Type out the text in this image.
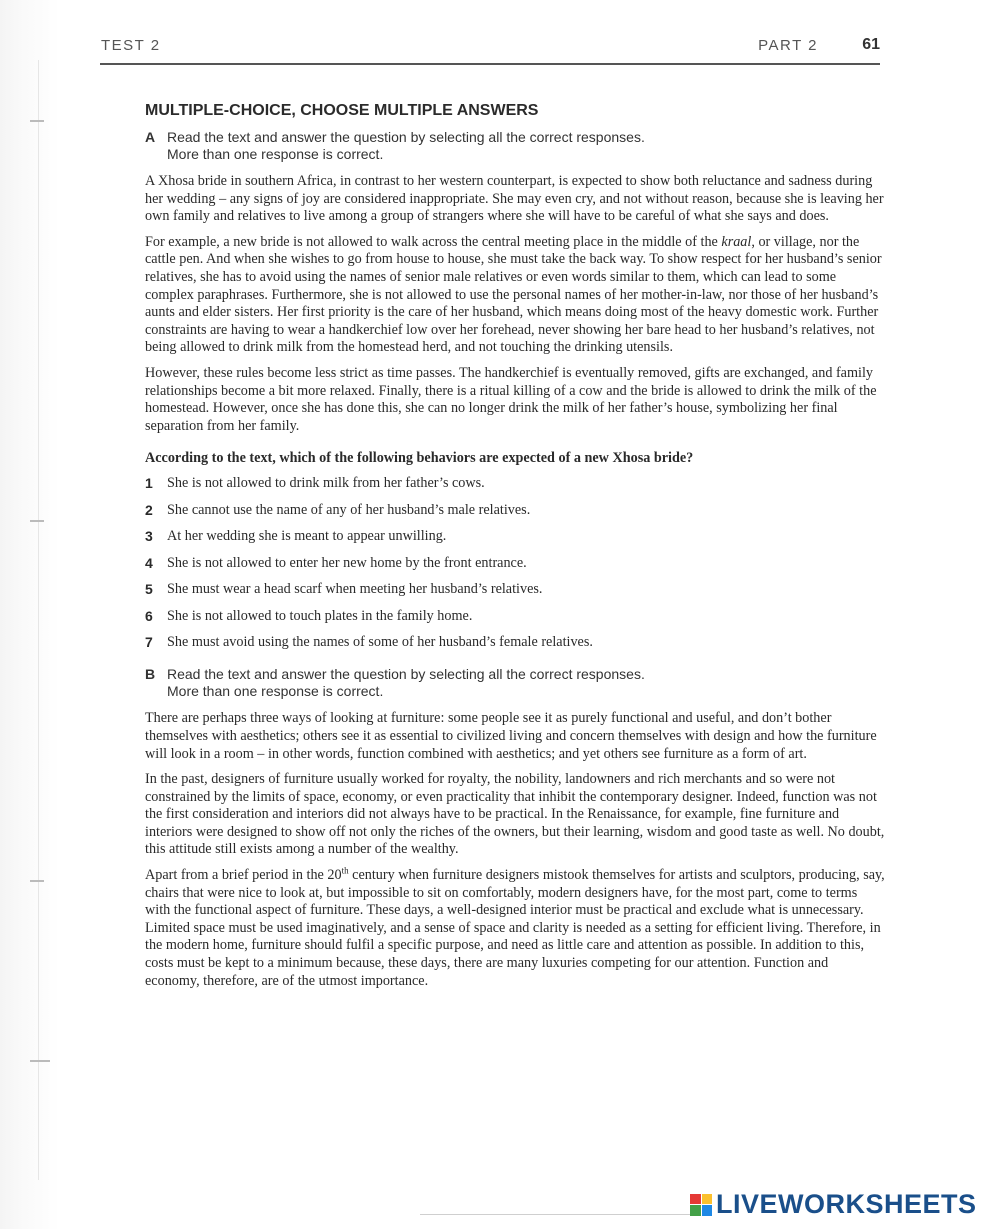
TEST 2	PART 2	61
MULTIPLE-CHOICE, CHOOSE MULTIPLE ANSWERS
A Read the text and answer the question by selecting all the correct responses.
More than one response is correct.

A Xhosa bride in southern Africa, in contrast to her western counterpart, is expected to show both reluctance and sadness during her wedding – any signs of joy are considered inappropriate. She may even cry, and not without reason, because she is leaving her own family and relatives to live among a group of strangers where she will have to be careful of what she says and does.

For example, a new bride is not allowed to walk across the central meeting place in the middle of the kraal, or village, nor the cattle pen. And when she wishes to go from house to house, she must take the back way. To show respect for her husband’s senior relatives, she has to avoid using the names of senior male relatives or even words similar to them, which can lead to some complex paraphrases. Furthermore, she is not allowed to use the personal names of her mother-in-law, nor those of her husband’s aunts and elder sisters. Her first priority is the care of her husband, which means doing most of the heavy domestic work. Further constraints are having to wear a handkerchief low over her forehead, never showing her bare head to her husband’s relatives, not being allowed to drink milk from the homestead herd, and not touching the drinking utensils.

However, these rules become less strict as time passes. The handkerchief is eventually removed, gifts are exchanged, and family relationships become a bit more relaxed. Finally, there is a ritual killing of a cow and the bride is allowed to drink the milk of the homestead. However, once she has done this, she can no longer drink the milk of her father’s house, symbolizing her final separation from her family.

According to the text, which of the following behaviors are expected of a new Xhosa bride?
1	She is not allowed to drink milk from her father’s cows.
2	She cannot use the name of any of her husband’s male relatives.
3	At her wedding she is meant to appear unwilling.
4	She is not allowed to enter her new home by the front entrance.
5	She must wear a head scarf when meeting her husband’s relatives.
6	She is not allowed to touch plates in the family home.
7	She must avoid using the names of some of her husband’s female relatives.
B Read the text and answer the question by selecting all the correct responses.
More than one response is correct.

There are perhaps three ways of looking at furniture: some people see it as purely functional and useful, and don’t bother themselves with aesthetics; others see it as essential to civilized living and concern themselves with design and how the furniture will look in a room – in other words, function combined with aesthetics; and yet others see furniture as a form of art.

In the past, designers of furniture usually worked for royalty, the nobility, landowners and rich merchants and so were not constrained by the limits of space, economy, or even practicality that inhibit the contemporary designer. Indeed, function was not the first consideration and interiors did not always have to be practical. In the Renaissance, for example, fine furniture and interiors were designed to show off not only the riches of the owners, but their learning, wisdom and good taste as well. No doubt, this attitude still exists among a number of the wealthy.

Apart from a brief period in the 20th century when furniture designers mistook themselves for artists and sculptors, producing, say, chairs that were nice to look at, but impossible to sit on comfortably, modern designers have, for the most part, come to terms with the functional aspect of furniture. These days, a well-designed interior must be practical and exclude what is unnecessary. Limited space must be used imaginatively, and a sense of space and clarity is needed as a setting for efficient living. Therefore, in the modern home, furniture should fulfil a specific purpose, and need as little care and attention as possible. In addition to this, costs must be kept to a minimum because, these days, there are many luxuries competing for our attention. Function and economy, therefore, are of the utmost importance.

LIVEWORKSHEETS
